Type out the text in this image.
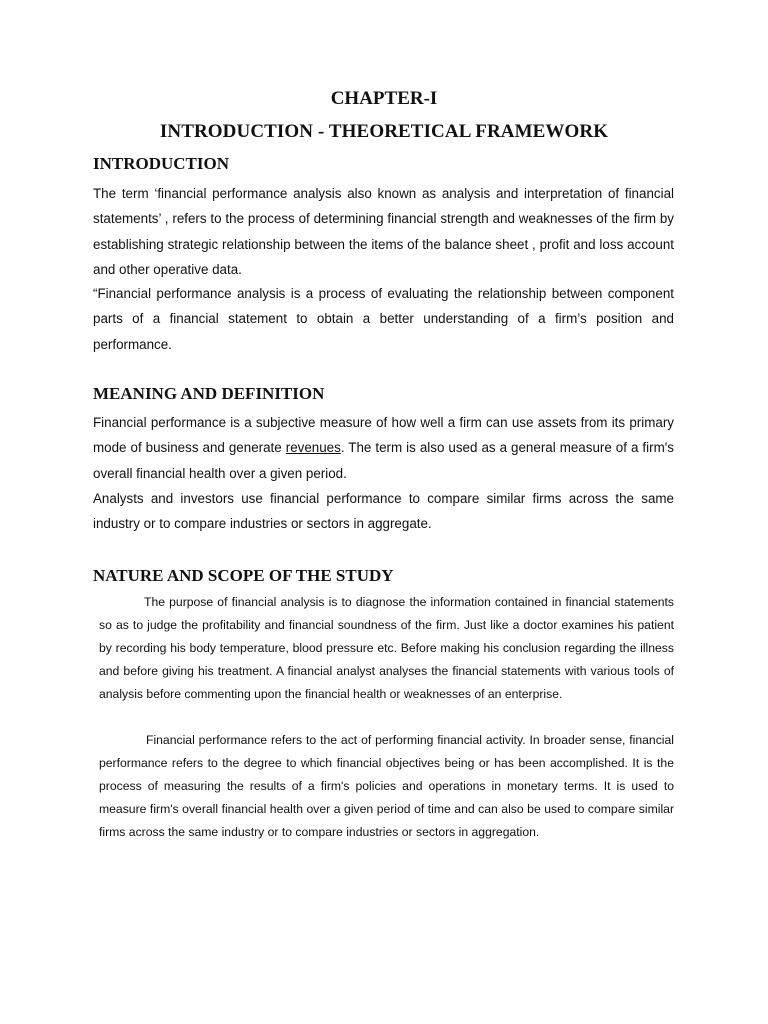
CHAPTER-I
INTRODUCTION - THEORETICAL FRAMEWORK
INTRODUCTION

The term ‘financial performance analysis also known as analysis and interpretation of financial statements’ , refers to the process of determining financial strength and weaknesses of the firm by establishing strategic relationship between the items of the balance sheet , profit and loss account and other operative data.

“Financial performance analysis is a process of evaluating the relationship between component parts of a financial statement to obtain a better understanding of a firm’s position and performance.

MEANING AND DEFINITION

Financial performance is a subjective measure of how well a firm can use assets from its primary mode of business and generate revenues. The term is also used as a general measure of a firm's overall financial health over a given period.

Analysts and investors use financial performance to compare similar firms across the same industry or to compare industries or sectors in aggregate.

NATURE AND SCOPE OF THE STUDY

The purpose of financial analysis is to diagnose the information contained in financial statements so as to judge the profitability and financial soundness of the firm. Just like a doctor examines his patient by recording his body temperature, blood pressure etc. Before making his conclusion regarding the illness and before giving his treatment. A financial analyst analyses the financial statements with various tools of analysis before commenting upon the financial health or weaknesses of an enterprise.

Financial performance refers to the act of performing financial activity. In broader sense, financial performance refers to the degree to which financial objectives being or has been accomplished. It is the process of measuring the results of a firm's policies and operations in monetary terms. It is used to measure firm's overall financial health over a given period of time and can also be used to compare similar firms across the same industry or to compare industries or sectors in aggregation.
